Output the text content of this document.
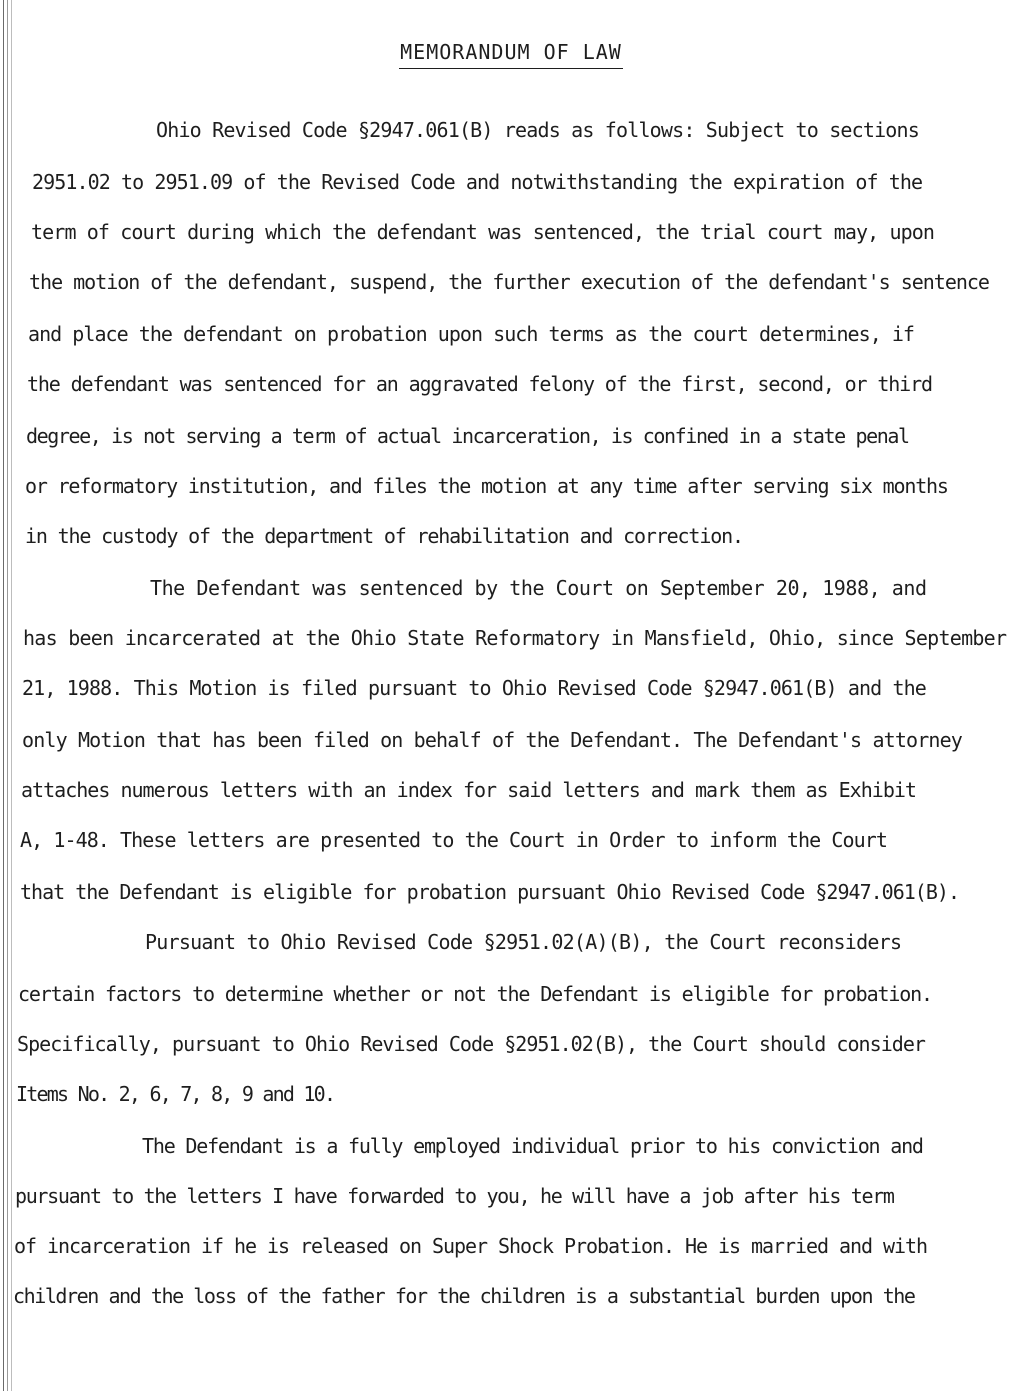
MEMORANDUM OF LAW
Ohio Revised Code §2947.061(B) reads as follows: Subject to sections
2951.02 to 2951.09 of the Revised Code and notwithstanding the expiration of the
term of court during which the defendant was sentenced, the trial court may, upon
the motion of the defendant, suspend, the further execution of the defendant's sentence
and place the defendant on probation upon such terms as the court determines, if
the defendant was sentenced for an aggravated felony of the first, second, or third
degree, is not serving a term of actual incarceration, is confined in a state penal
or reformatory institution, and files the motion at any time after serving six months
in the custody of the department of rehabilitation and correction.
The Defendant was sentenced by the Court on September 20, 1988, and
has been incarcerated at the Ohio State Reformatory in Mansfield, Ohio, since September
21, 1988. This Motion is filed pursuant to Ohio Revised Code §2947.061(B) and the
only Motion that has been filed on behalf of the Defendant. The Defendant's attorney
attaches numerous letters with an index for said letters and mark them as Exhibit
A, 1-48. These letters are presented to the Court in Order to inform the Court
that the Defendant is eligible for probation pursuant Ohio Revised Code §2947.061(B).
Pursuant to Ohio Revised Code §2951.02(A)(B), the Court reconsiders
certain factors to determine whether or not the Defendant is eligible for probation.
Specifically, pursuant to Ohio Revised Code §2951.02(B), the Court should consider
Items No. 2, 6, 7, 8, 9 and 10.
The Defendant is a fully employed individual prior to his conviction and
pursuant to the letters I have forwarded to you, he will have a job after his term
of incarceration if he is released on Super Shock Probation. He is married and with
children and the loss of the father for the children is a substantial burden upon the
